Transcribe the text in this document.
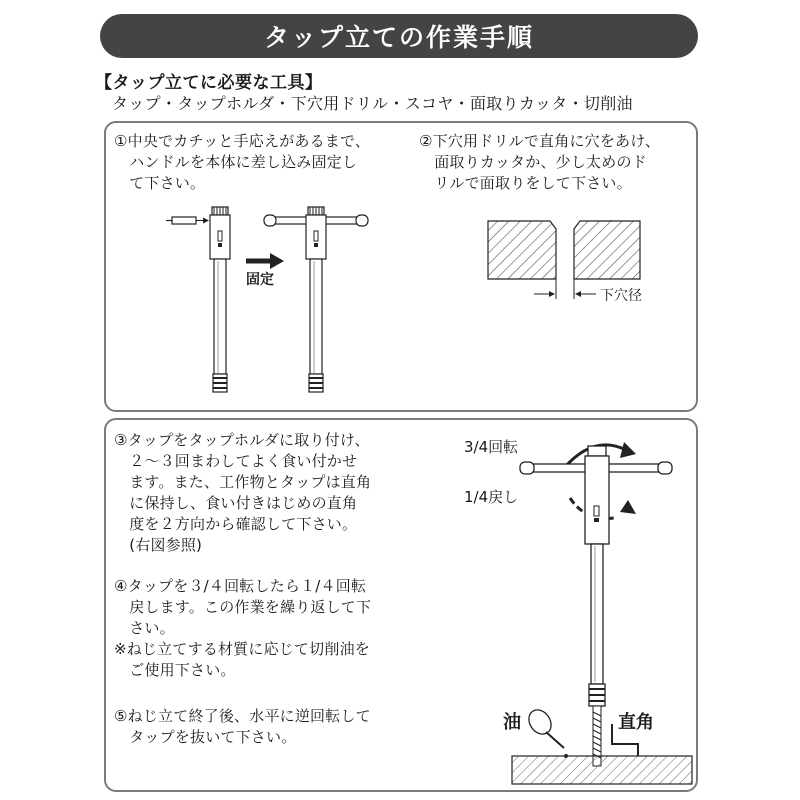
タップ立ての作業手順
【タップ立てに必要な工具】
タップ・タップホルダ・下穴用ドリル・スコヤ・面取りカッタ・切削油
①中央でカチッと手応えがあるまで、
　ハンドルを本体に差し込み固定し
　て下さい。
②下穴用ドリルで直角に穴をあけ、
　面取りカッタか、少し太めのド
　リルで面取りをして下さい。
固定
下穴径
③タップをタップホルダに取り付け、
　２～３回まわしてよく食い付かせ
　ます。また、工作物とタップは直角
　に保持し、食い付きはじめの直角
　度を２方向から確認して下さい。
　(右図参照)
④タップを３/４回転したら１/４回転
　戻します。この作業を繰り返して下
　さい。
※ねじ立てする材質に応じて切削油を
　ご使用下さい。
⑤ねじ立て終了後、水平に逆回転して
　タップを抜いて下さい。
3/4回転
1/4戻し
油	直角
